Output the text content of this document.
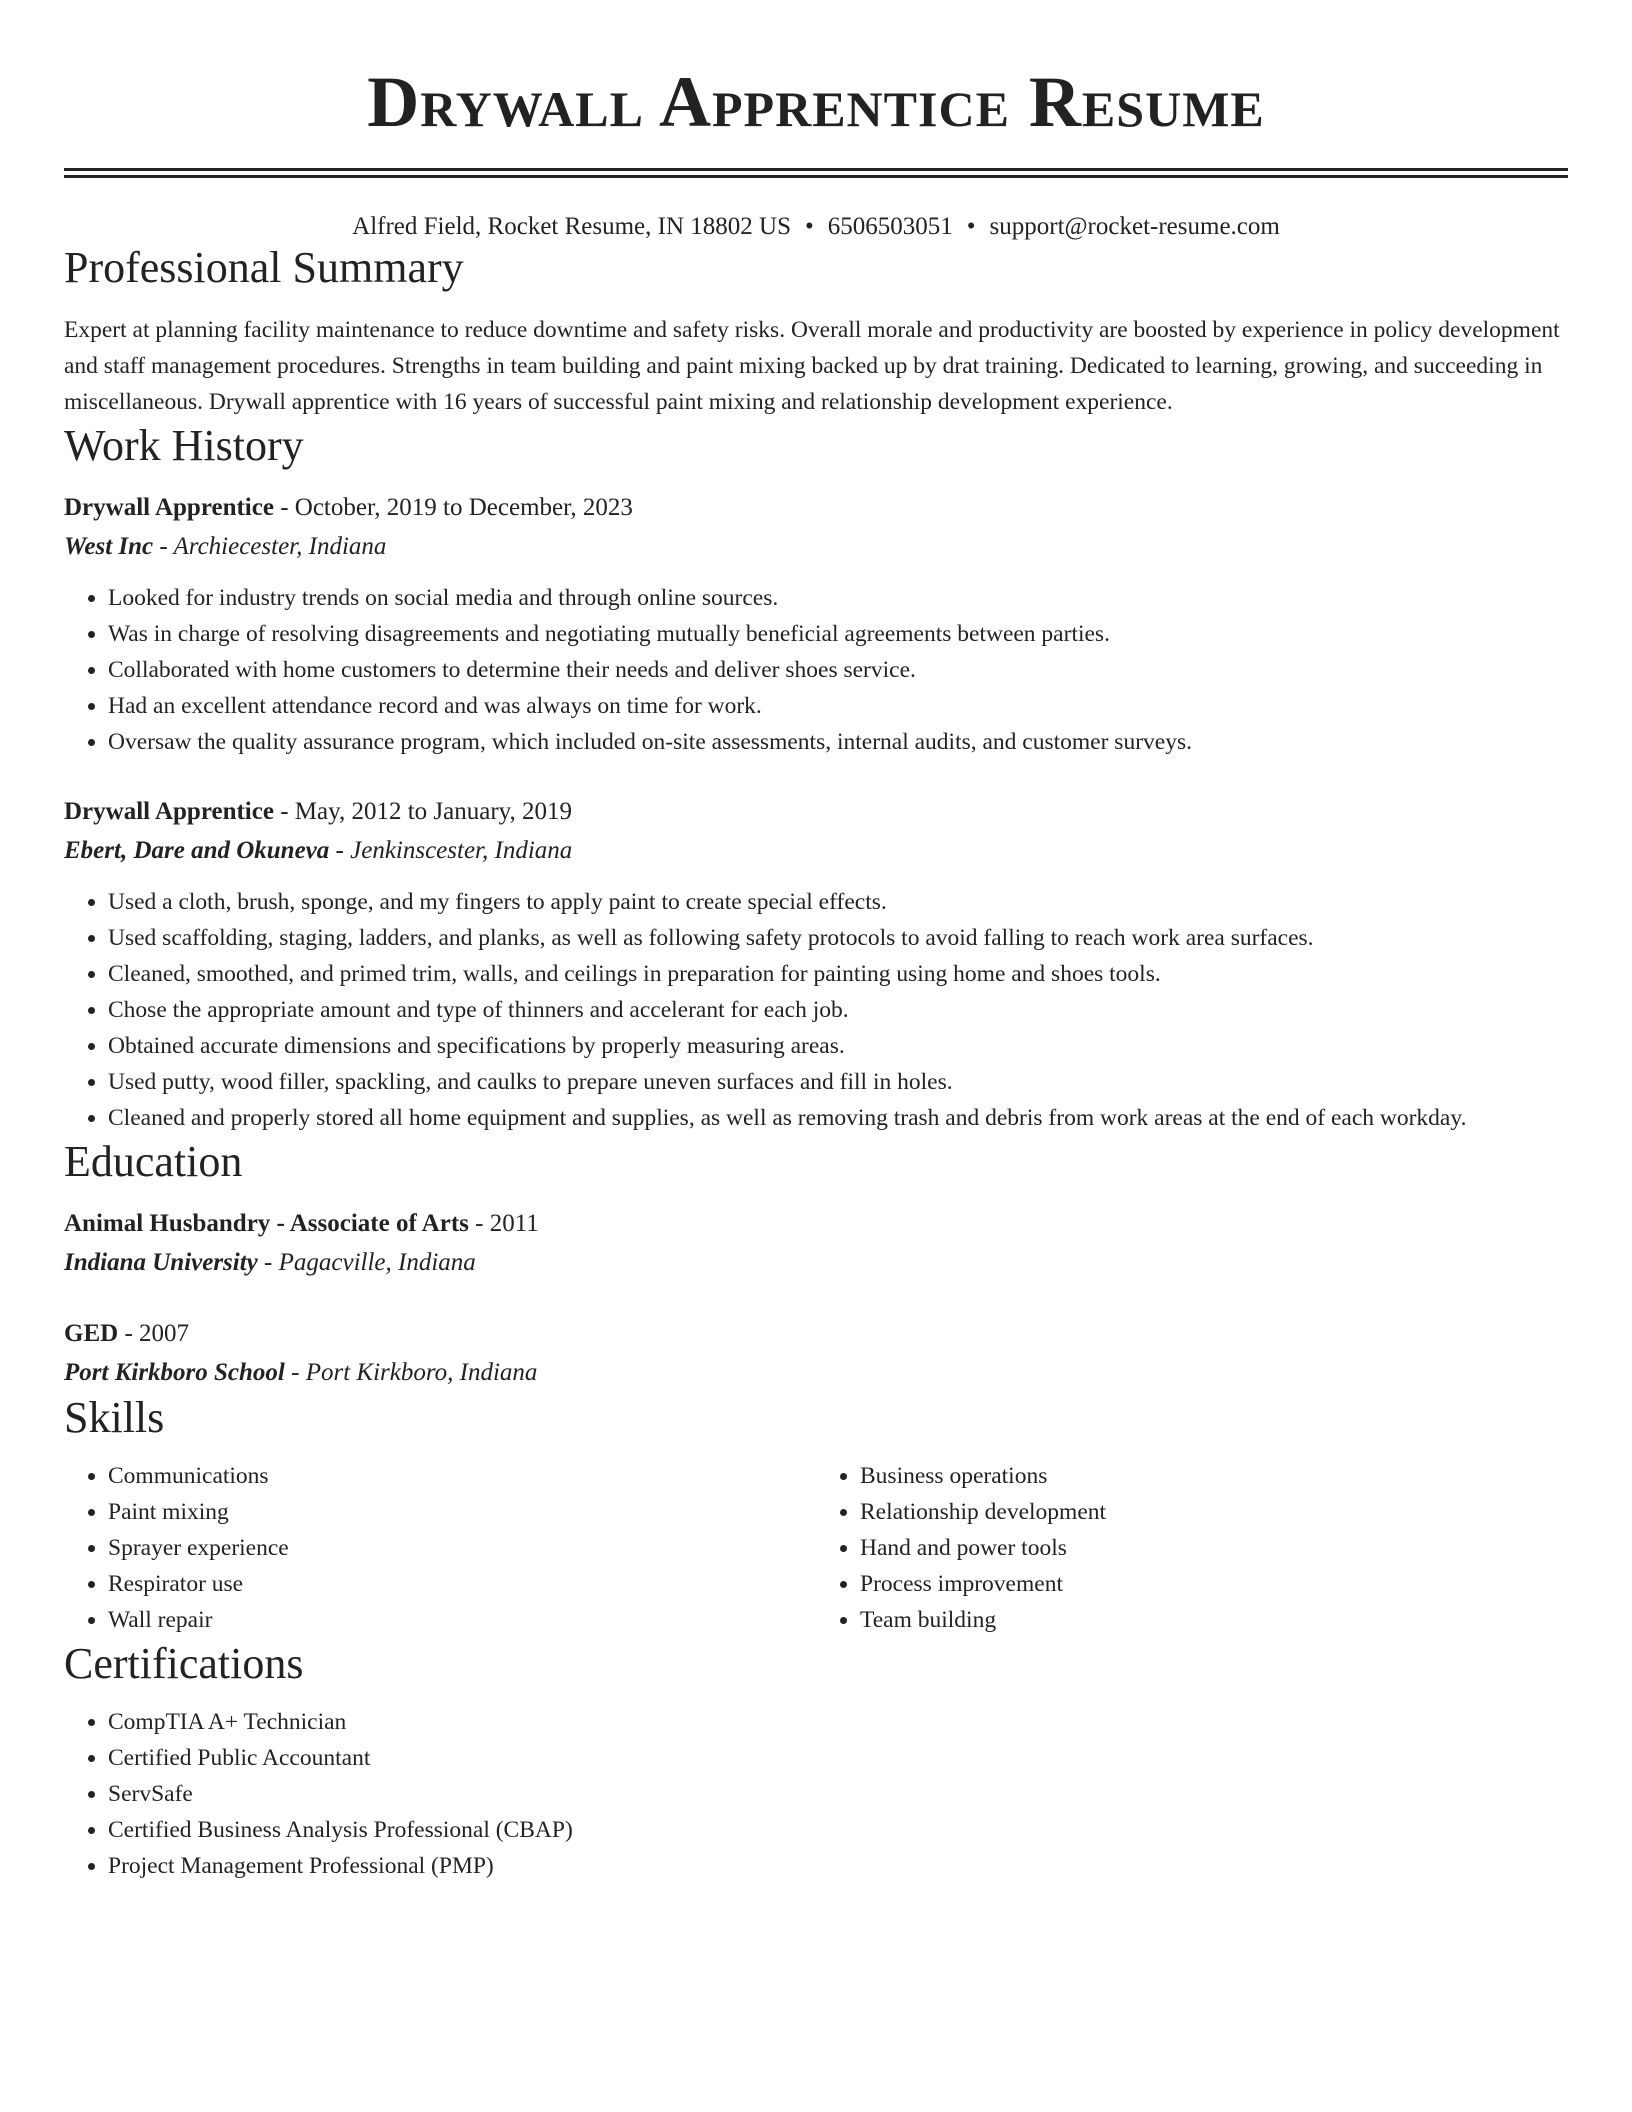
Drywall Apprentice Resume
Alfred Field, Rocket Resume, IN 18802 US • 6506503051 • support@rocket-resume.com
Professional Summary

Expert at planning facility maintenance to reduce downtime and safety risks. Overall morale and productivity are boosted by experience in policy development and staff management procedures. Strengths in team building and paint mixing backed up by drat training. Dedicated to learning, growing, and succeeding in miscellaneous. Drywall apprentice with 16 years of successful paint mixing and relationship development experience.

Work History
Drywall Apprentice - October, 2019 to December, 2023
West Inc - Archiecester, Indiana
• Looked for industry trends on social media and through online sources.
• Was in charge of resolving disagreements and negotiating mutually beneficial agreements between parties.
• Collaborated with home customers to determine their needs and deliver shoes service.
• Had an excellent attendance record and was always on time for work.
• Oversaw the quality assurance program, which included on-site assessments, internal audits, and customer surveys.
Drywall Apprentice - May, 2012 to January, 2019
Ebert, Dare and Okuneva - Jenkinscester, Indiana
• Used a cloth, brush, sponge, and my fingers to apply paint to create special effects.
• Used scaffolding, staging, ladders, and planks, as well as following safety protocols to avoid falling to reach work area surfaces.
• Cleaned, smoothed, and primed trim, walls, and ceilings in preparation for painting using home and shoes tools.
• Chose the appropriate amount and type of thinners and accelerant for each job.
• Obtained accurate dimensions and specifications by properly measuring areas.
• Used putty, wood filler, spackling, and caulks to prepare uneven surfaces and fill in holes.
• Cleaned and properly stored all home equipment and supplies, as well as removing trash and debris from work areas at the end of each workday.
Education
Animal Husbandry - Associate of Arts - 2011
Indiana University - Pagacville, Indiana
GED - 2007
Port Kirkboro School - Port Kirkboro, Indiana
Skills
• Communications
• Paint mixing
• Sprayer experience
• Respirator use
• Wall repair
• Business operations
• Relationship development
• Hand and power tools
• Process improvement
• Team building
Certifications
• CompTIA A+ Technician
• Certified Public Accountant
• ServSafe
• Certified Business Analysis Professional (CBAP)
• Project Management Professional (PMP)
